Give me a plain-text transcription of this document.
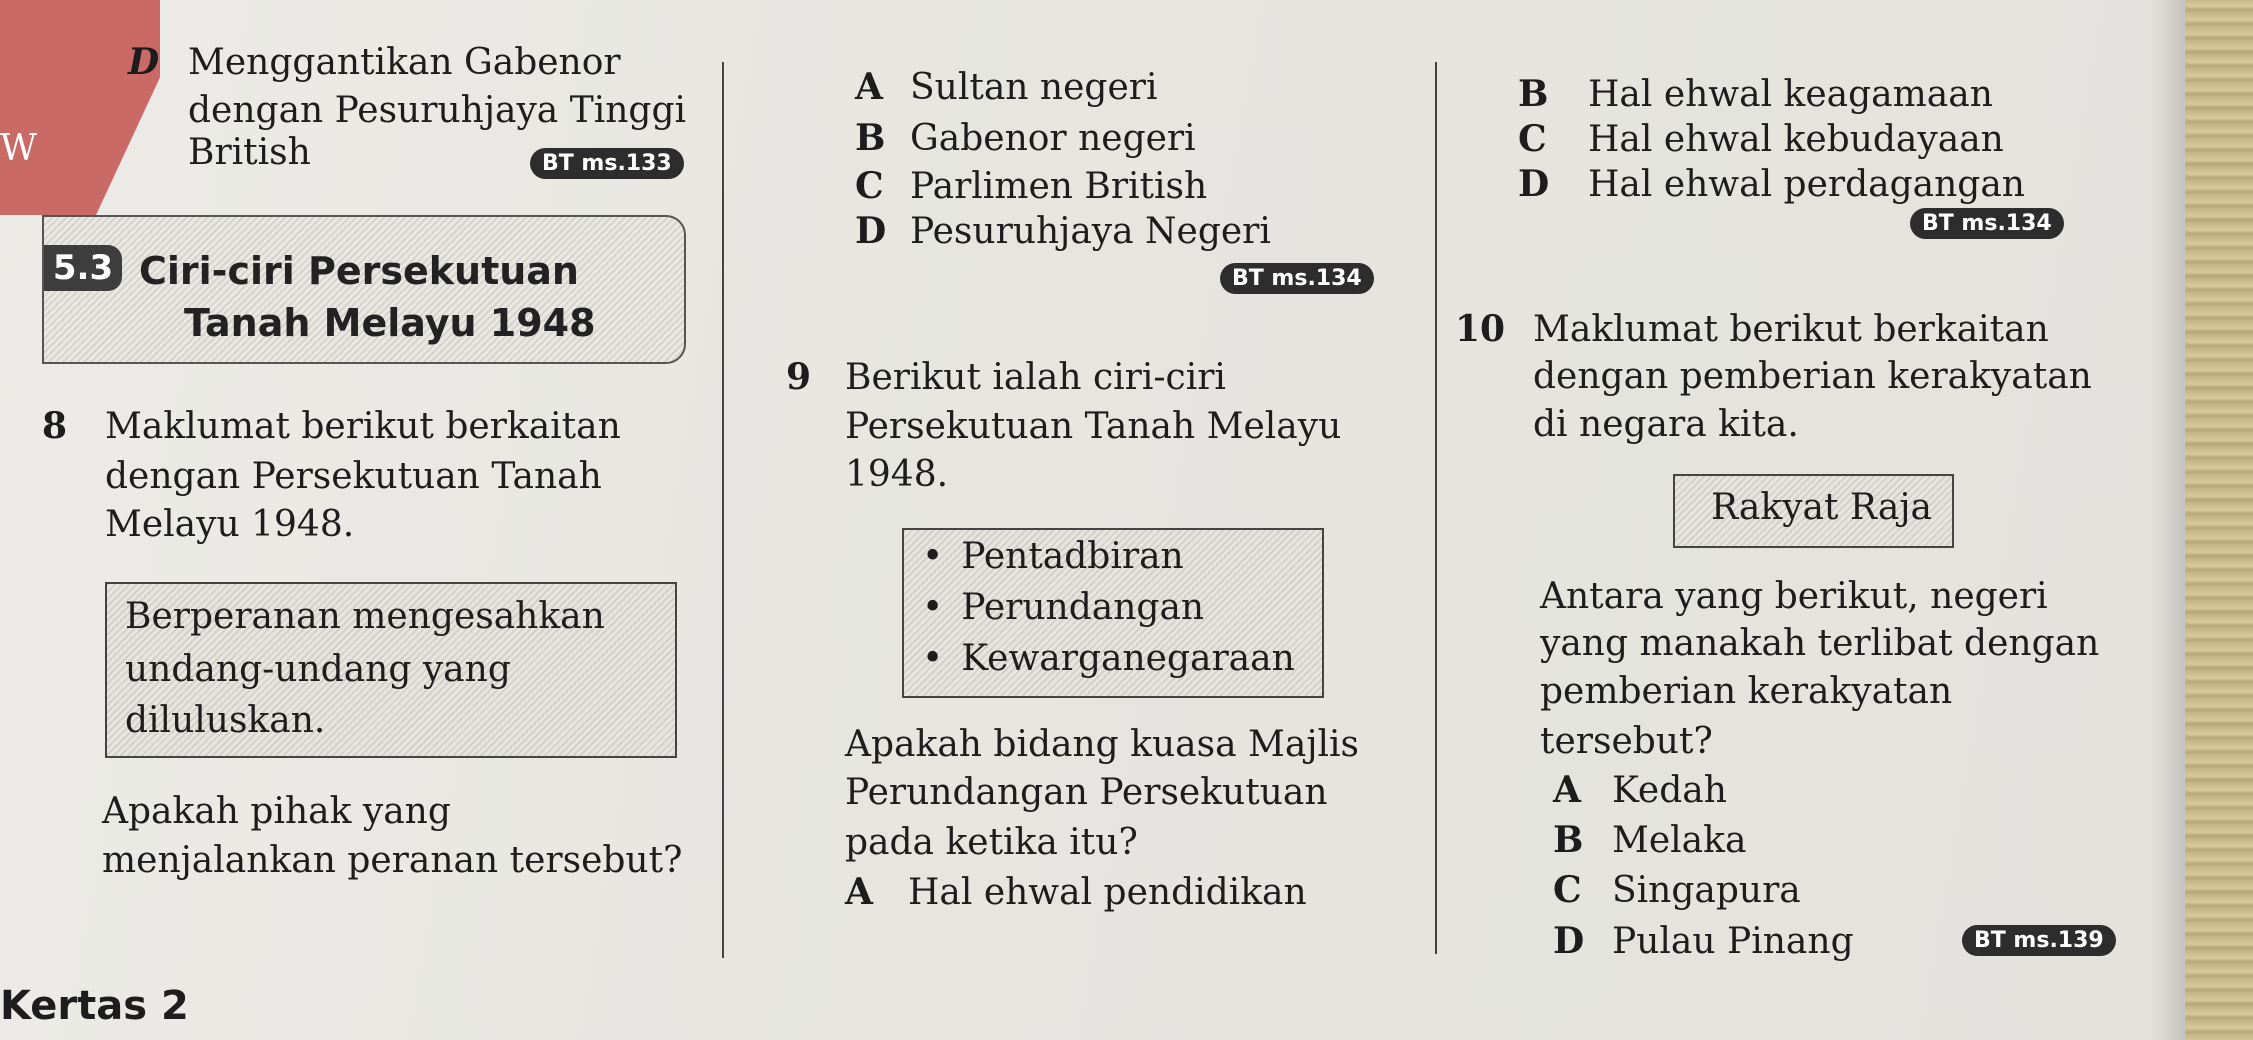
W
D Menggantikan Gabenor
dengan Pesuruhjaya Tinggi
British	BT ms.133
5.3 Ciri-ciri Persekutuan
Tanah Melayu 1948
8 Maklumat berikut berkaitan
dengan Persekutuan Tanah
Melayu 1948.
Berperanan mengesahkan
undang-undang yang
diluluskan.
Apakah pihak yang
menjalankan peranan tersebut?
A Sultan negeri
B Gabenor negeri
C Parlimen British
D Pesuruhjaya Negeri
BT ms.134
9 Berikut ialah ciri-ciri
Persekutuan Tanah Melayu
1948.
• Pentadbiran
• Perundangan
• Kewarganegaraan
Apakah bidang kuasa Majlis
Perundangan Persekutuan
pada ketika itu?
A Hal ehwal pendidikan
B Hal ehwal keagamaan
C Hal ehwal kebudayaan
D Hal ehwal perdagangan
BT ms.134
10 Maklumat berikut berkaitan
dengan pemberian kerakyatan
di negara kita.
Rakyat Raja
Antara yang berikut, negeri
yang manakah terlibat dengan
pemberian kerakyatan
tersebut?
A Kedah
B Melaka
C Singapura
D Pulau Pinang	BT ms.139
Kertas 2
